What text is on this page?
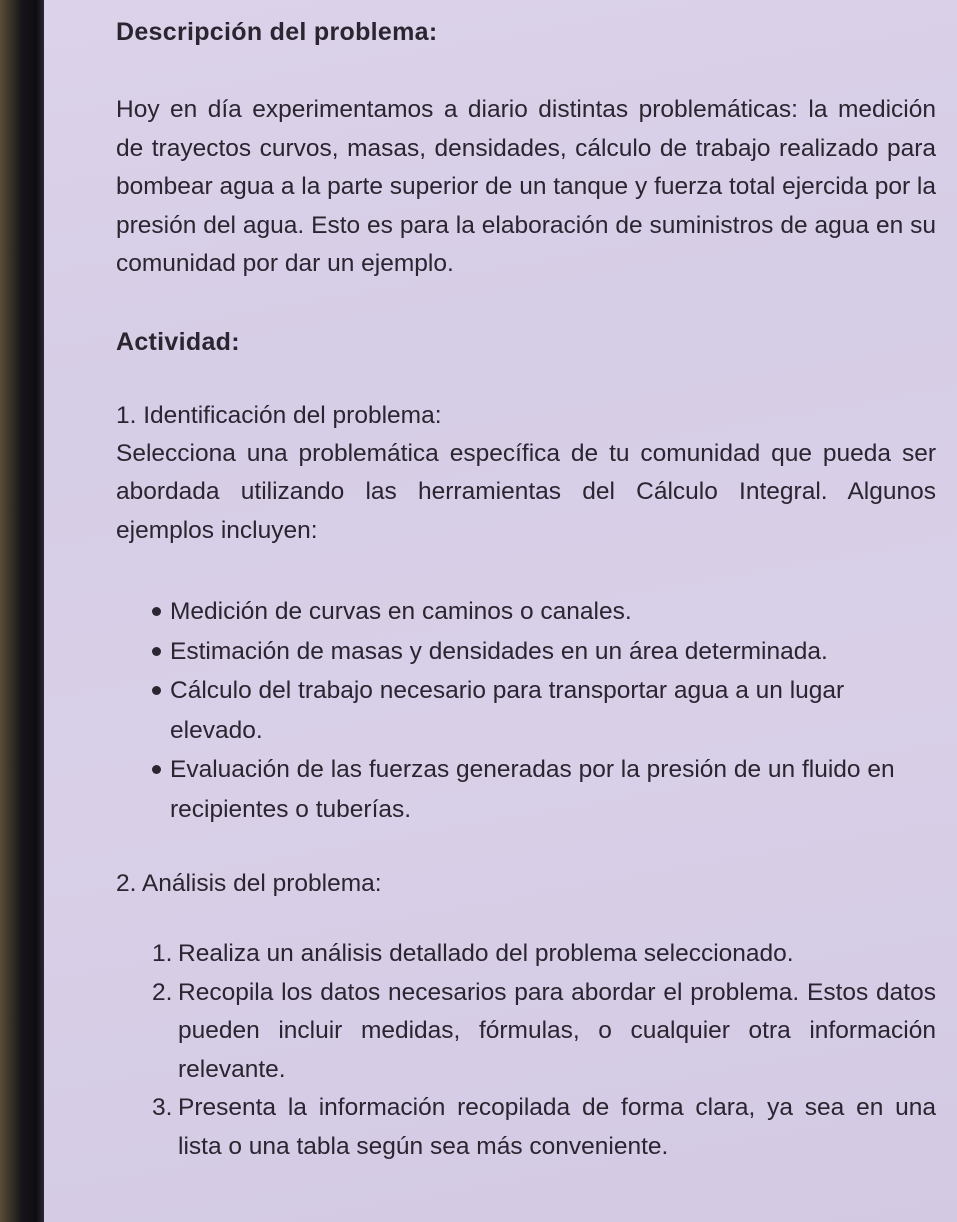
Descripción del problema:

Hoy en día experimentamos a diario distintas problemáticas: la medición de trayectos curvos, masas, densidades, cálculo de trabajo realizado para bombear agua a la parte superior de un tanque y fuerza total ejercida por la presión del agua. Esto es para la elaboración de suministros de agua en su comunidad por dar un ejemplo.

Actividad:

1. Identificación del problema:

Selecciona una problemática específica de tu comunidad que pueda ser abordada utilizando las herramientas del Cálculo Integral. Algunos ejemplos incluyen:

Medición de curvas en caminos o canales.
Estimación de masas y densidades en un área determinada.
Cálculo del trabajo necesario para transportar agua a un lugar elevado.
Evaluación de las fuerzas generadas por la presión de un fluido en recipientes o tuberías.

2. Análisis del problema:

1. Realiza un análisis detallado del problema seleccionado.
2. Recopila los datos necesarios para abordar el problema. Estos datos pueden incluir medidas, fórmulas, o cualquier otra información relevante.
3. Presenta la información recopilada de forma clara, ya sea en una lista o una tabla según sea más conveniente.
